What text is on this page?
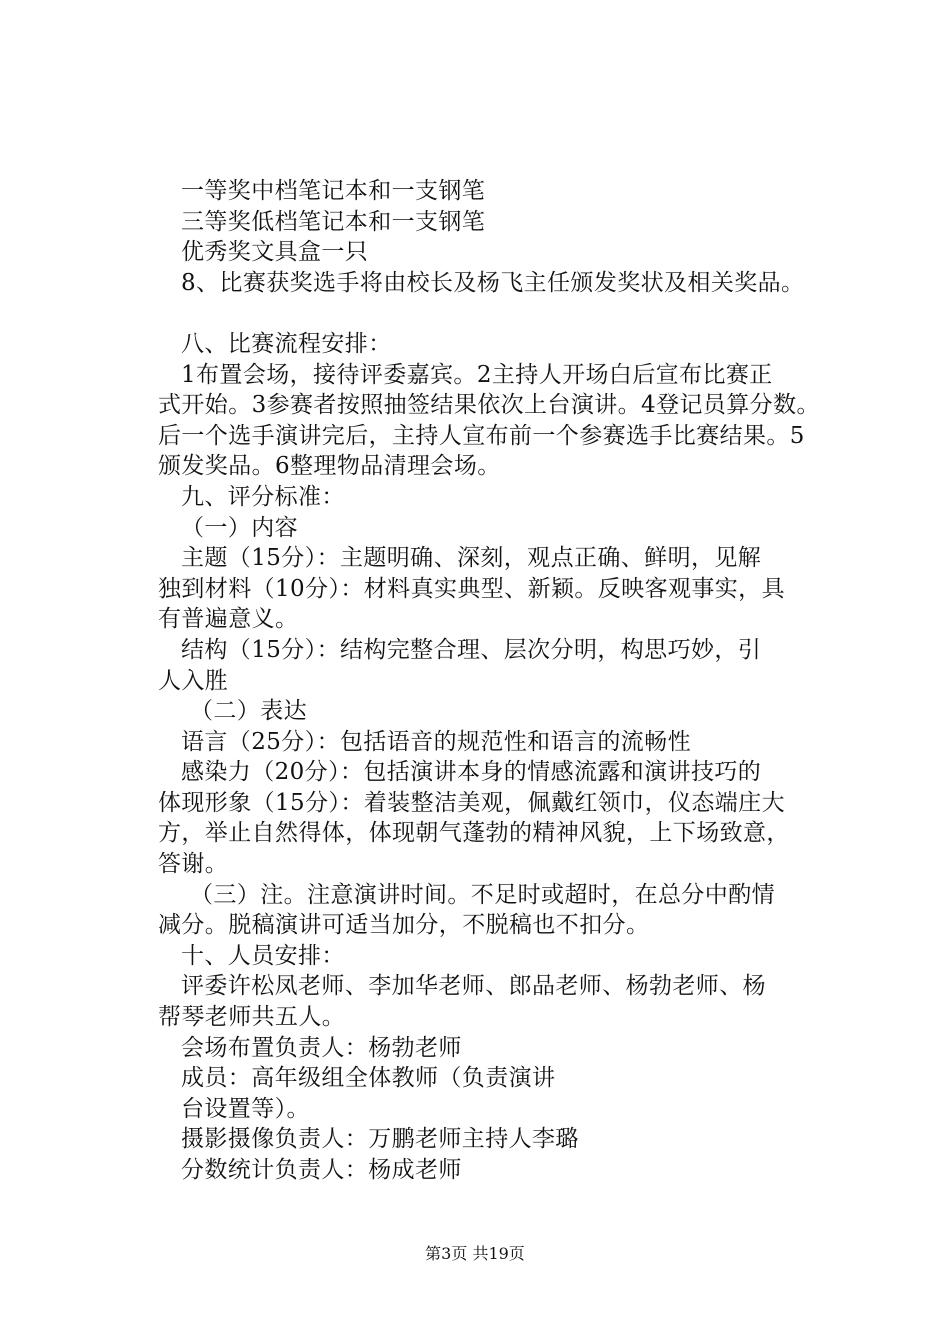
一等奖中档笔记本和一支钢笔
三等奖低档笔记本和一支钢笔
优秀奖文具盒一只
8、比赛获奖选手将由校长及杨飞主任颁发奖状及相关奖品。
八、比赛流程安排：
1布置会场，接待评委嘉宾。2主持人开场白后宣布比赛正
式开始。3参赛者按照抽签结果依次上台演讲。4登记员算分数。
后一个选手演讲完后，主持人宣布前一个参赛选手比赛结果。5
颁发奖品。6整理物品清理会场。
九、评分标准：
（一）内容
主题（15分）：主题明确、深刻，观点正确、鲜明，见解
独到材料（10分）：材料真实典型、新颖。反映客观事实，具
有普遍意义。
结构（15分）：结构完整合理、层次分明，构思巧妙，引
人入胜
（二）表达
语言（25分）：包括语音的规范性和语言的流畅性
感染力（20分）：包括演讲本身的情感流露和演讲技巧的
体现形象（15分）：着装整洁美观，佩戴红领巾，仪态端庄大
方，举止自然得体，体现朝气蓬勃的精神风貌，上下场致意，
答谢。
（三）注。注意演讲时间。不足时或超时，在总分中酌情
减分。脱稿演讲可适当加分，不脱稿也不扣分。
十、人员安排：
评委许松凤老师、李加华老师、郎品老师、杨勃老师、杨
帮琴老师共五人。
会场布置负责人：杨勃老师
成员：高年级组全体教师（负责演讲
台设置等）。
摄影摄像负责人：万鹏老师主持人李璐
分数统计负责人：杨成老师
第3页 共19页
